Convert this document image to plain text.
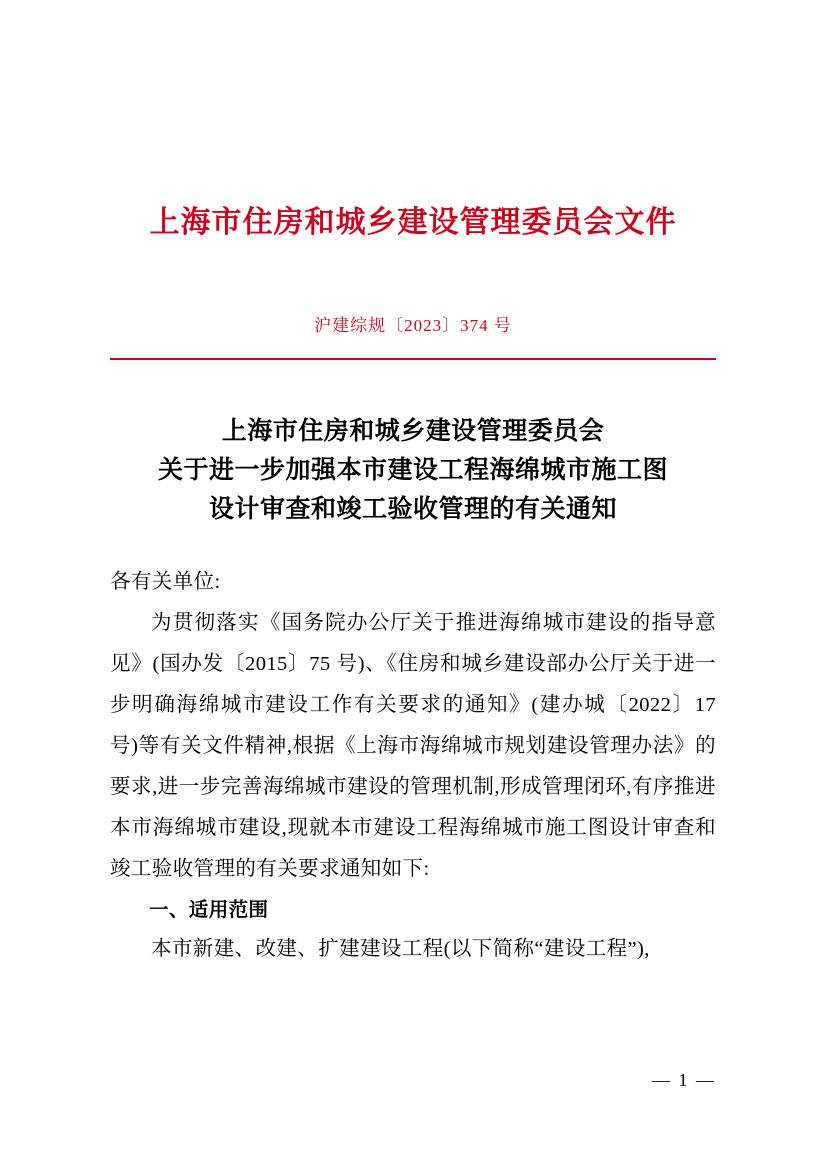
上海市住房和城乡建设管理委员会文件
沪建综规〔2023〕374 号
上海市住房和城乡建设管理委员会
关于进一步加强本市建设工程海绵城市施工图
设计审查和竣工验收管理的有关通知

各有关单位:

为贯彻落实《国务院办公厅关于推进海绵城市建设的指导意见》(国办发〔2015〕75 号)、《住房和城乡建设部办公厅关于进一步明确海绵城市建设工作有关要求的通知》(建办城〔2022〕17 号)等有关文件精神,根据《上海市海绵城市规划建设管理办法》的要求,进一步完善海绵城市建设的管理机制,形成管理闭环,有序推进本市海绵城市建设,现就本市建设工程海绵城市施工图设计审查和竣工验收管理的有关要求通知如下:

一、适用范围

本市新建、改建、扩建建设工程(以下简称“建设工程”),

— 1 —
